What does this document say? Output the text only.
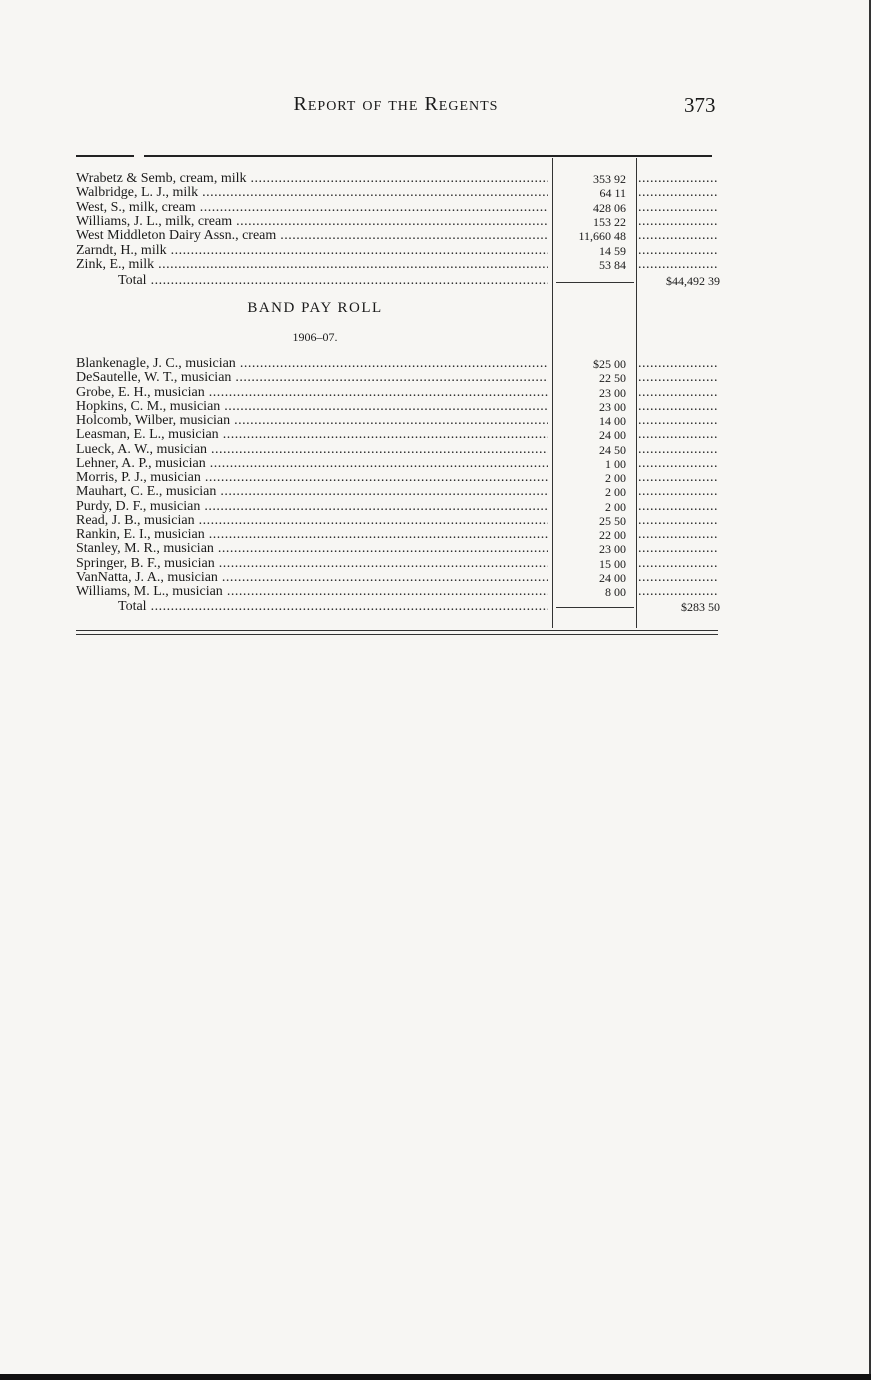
Report of the Regents	373
Wrabetz & Semb, cream, milk .....	353 92
.....
Walbridge, L. J., milk .....	64 11
.....
West, S., milk, cream .....	428 06
.....
Williams, J. L., milk, cream .....	153 22
.....
West Middleton Dairy Assn., cream .....	11,660 48
.....
Zarndt, H., milk .....	14 59
.....
Zink, E., milk .....	53 84
.....
Total .....	$44,492 39
BAND PAY ROLL
1906–07.
Blankenagle, J. C., musician .....	$25 00
.....
DeSautelle, W. T., musician .....	22 50
.....
Grobe, E. H., musician .....	23 00
.....
Hopkins, C. M., musician .....	23 00
.....
Holcomb, Wilber, musician .....	14 00
.....
Leasman, E. L., musician .....	24 00
.....
Lueck, A. W., musician .....	24 50
.....
Lehner, A. P., musician .....	1 00
.....
Morris, P. J., musician .....	2 00
.....
Mauhart, C. E., musician .....	2 00
.....
Purdy, D. F., musician .....	2 00
.....
Read, J. B., musician .....	25 50
.....
Rankin, E. I., musician .....	22 00
.....
Stanley, M. R., musician .....	23 00
.....
Springer, B. F., musician .....	15 00
.....
VanNatta, J. A., musician .....	24 00
.....
Williams, M. L., musician .....	8 00
.....
Total .....	$283 50
